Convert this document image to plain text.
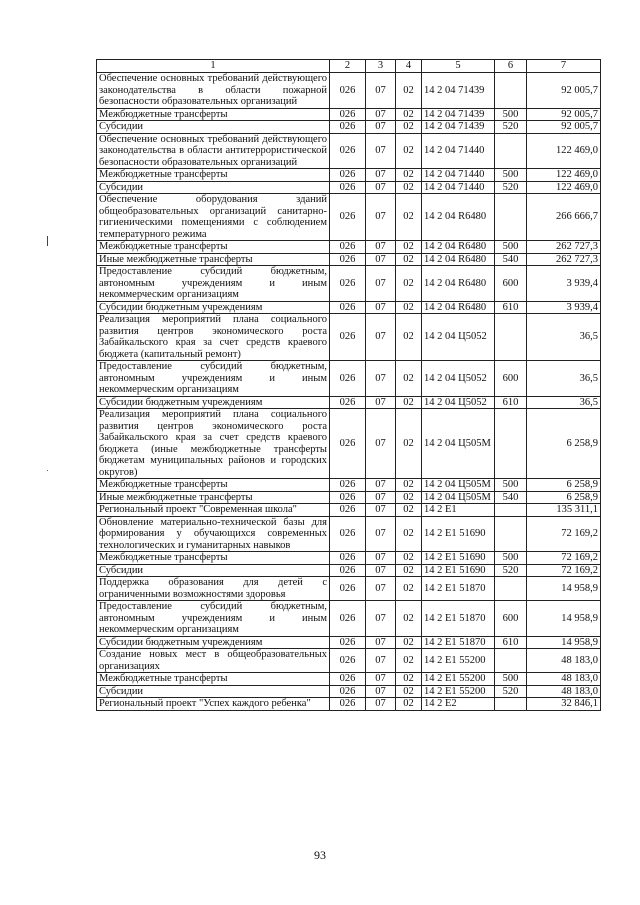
1	2	3	4	5	6	7
Обеспечение основных требований действующего законодательства в области пожарной безопасности образовательных организаций	026	07	02	14 2 04 71439		92 005,7
Межбюджетные трансферты	026	07	02	14 2 04 71439	500	92 005,7
Субсидии	026	07	02	14 2 04 71439	520	92 005,7
Обеспечение основных требований действующего законодательства в области антитеррористической безопасности образовательных организаций	026	07	02	14 2 04 71440		122 469,0
Межбюджетные трансферты	026	07	02	14 2 04 71440	500	122 469,0
Субсидии	026	07	02	14 2 04 71440	520	122 469,0
Обеспечение оборудования зданий общеобразовательных организаций санитарно-гигиеническими помещениями с соблюдением температурного режима	026	07	02	14 2 04 R6480		266 666,7
Межбюджетные трансферты	026	07	02	14 2 04 R6480	500	262 727,3
Иные межбюджетные трансферты	026	07	02	14 2 04 R6480	540	262 727,3
Предоставление субсидий бюджетным, автономным учреждениям и иным некоммерческим организациям	026	07	02	14 2 04 R6480	600	3 939,4
Субсидии бюджетным учреждениям	026	07	02	14 2 04 R6480	610	3 939,4
Реализация мероприятий плана социального развития центров экономического роста Забайкальского края за счет средств краевого бюджета (капитальный ремонт)	026	07	02	14 2 04 Ц5052		36,5
Предоставление субсидий бюджетным, автономным учреждениям и иным некоммерческим организациям	026	07	02	14 2 04 Ц5052	600	36,5
Субсидии бюджетным учреждениям	026	07	02	14 2 04 Ц5052	610	36,5
Реализация мероприятий плана социального развития центров экономического роста Забайкальского края за счет средств краевого бюджета (иные межбюджетные трансферты бюджетам муниципальных районов и городских округов)	026	07	02	14 2 04 Ц505М		6 258,9
Межбюджетные трансферты	026	07	02	14 2 04 Ц505М	500	6 258,9
Иные межбюджетные трансферты	026	07	02	14 2 04 Ц505М	540	6 258,9
Региональный проект "Современная школа"	026	07	02	14 2 E1		135 311,1
Обновление материально-технической базы для формирования у обучающихся современных технологических и гуманитарных навыков	026	07	02	14 2 E1 51690		72 169,2
Межбюджетные трансферты	026	07	02	14 2 E1 51690	500	72 169,2
Субсидии	026	07	02	14 2 E1 51690	520	72 169,2
Поддержка образования для детей с ограниченными возможностями здоровья	026	07	02	14 2 E1 51870		14 958,9
Предоставление субсидий бюджетным, автономным учреждениям и иным некоммерческим организациям	026	07	02	14 2 E1 51870	600	14 958,9
Субсидии бюджетным учреждениям	026	07	02	14 2 E1 51870	610	14 958,9
Создание новых мест в общеобразовательных организациях	026	07	02	14 2 E1 55200		48 183,0
Межбюджетные трансферты	026	07	02	14 2 E1 55200	500	48 183,0
Субсидии	026	07	02	14 2 E1 55200	520	48 183,0
Региональный проект "Успех каждого ребенка"	026	07	02	14 2 E2		32 846,1
93
